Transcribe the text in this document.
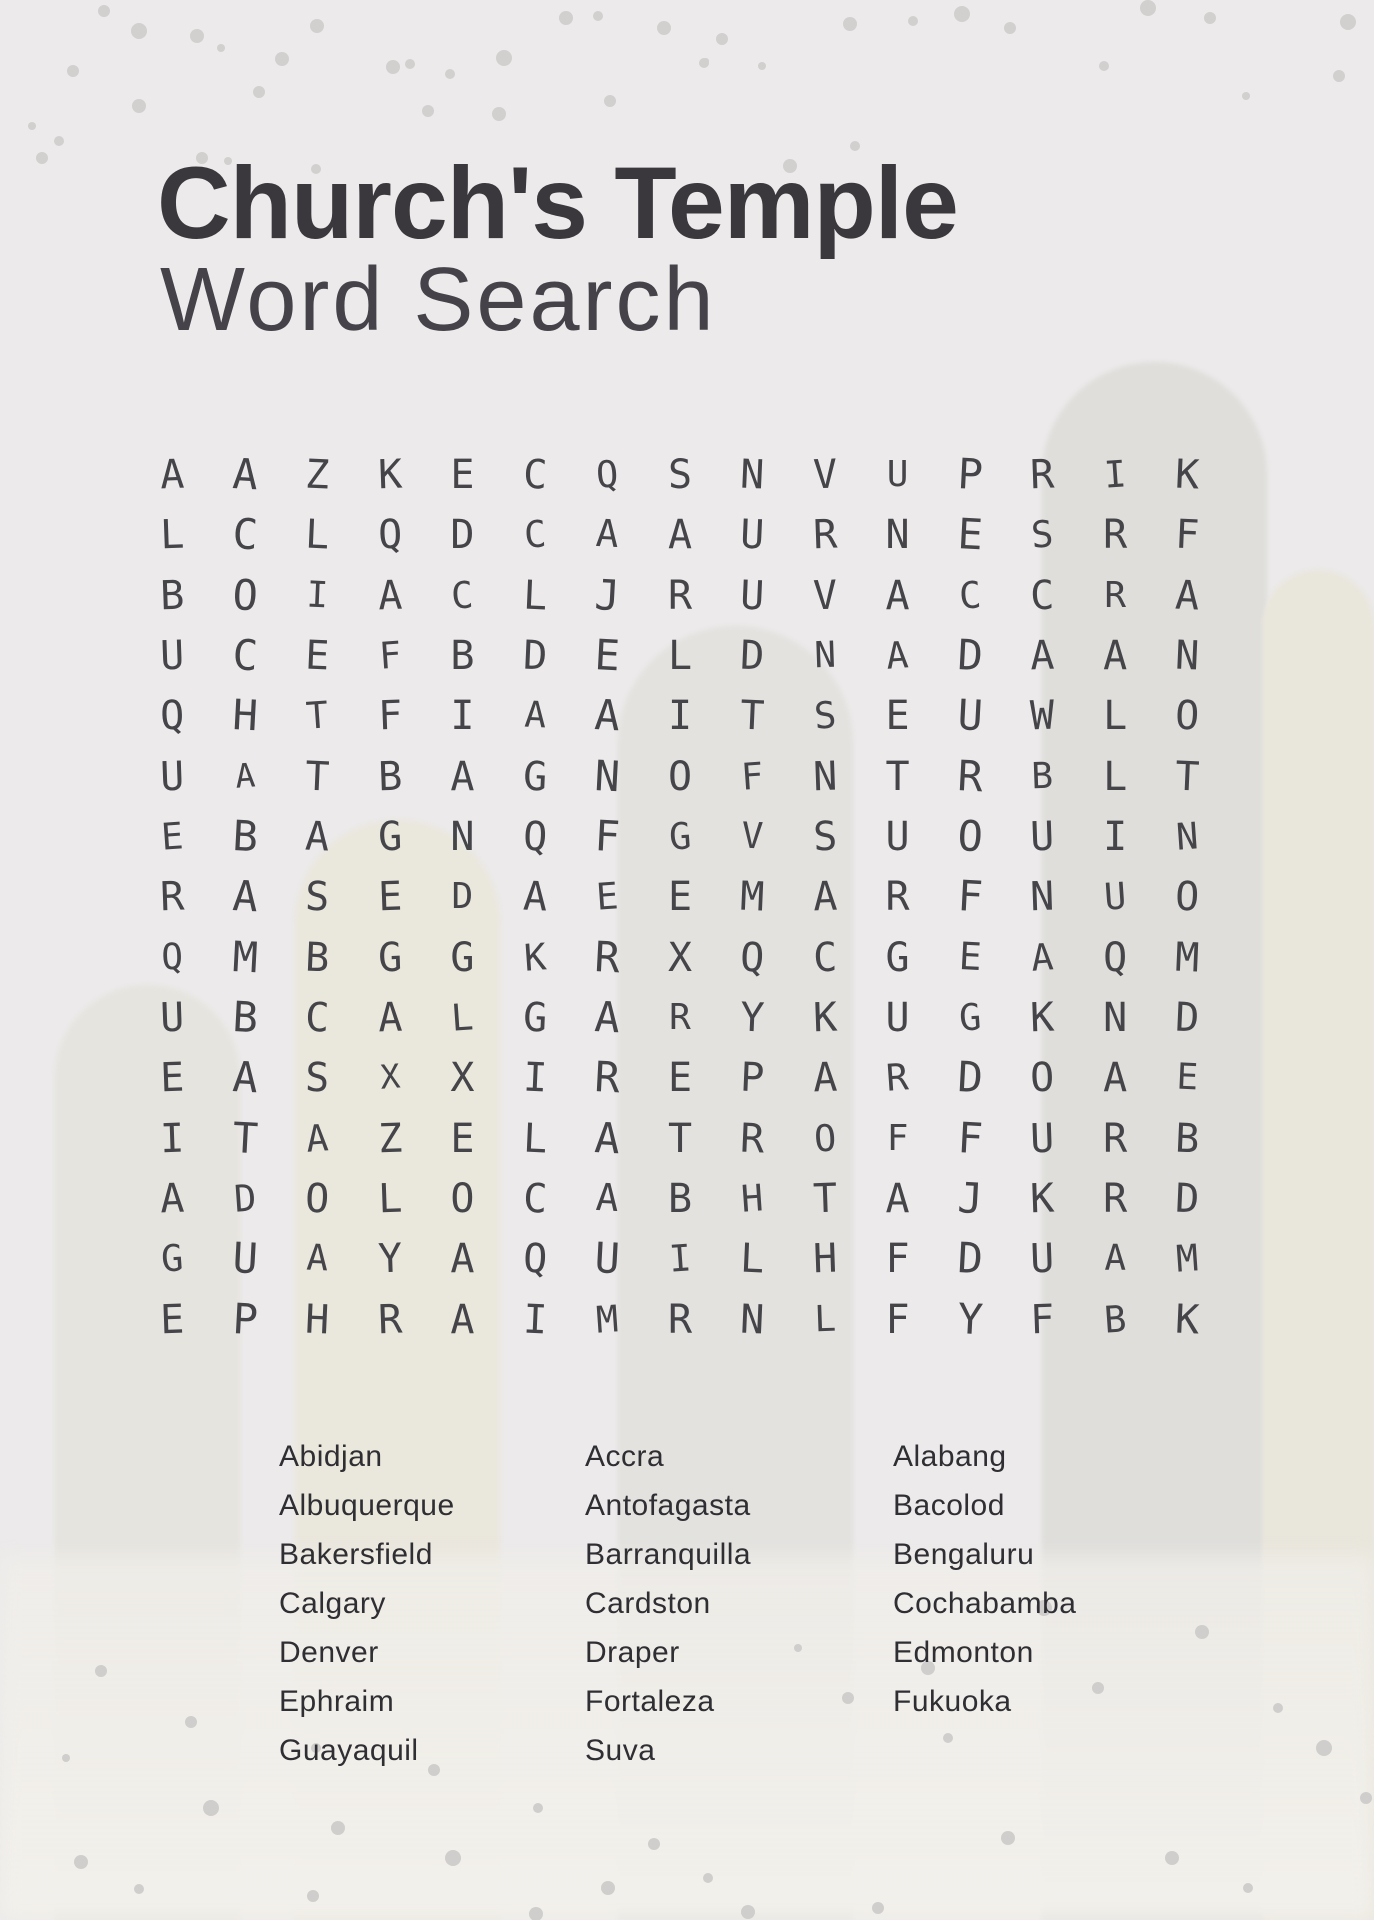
Church's Temple
Word Search
A	A	Z	K	E	C	Q	S	N	V	U	P	R	I	K
L	C	L	Q	D	C	A	A	U	R	N	E	S	R	F
B	O	I	A	C	L	J	R	U	V	A	C	C	R	A
U	C	E	F	B	D	E	L	D	N	A	D	A	A	N
Q	H	T	F	I	A	A	I	T	S	E	U	W	L	O
U	A	T	B	A	G	N	O	F	N	T	R	B	L	T
E	B	A	G	N	Q	F	G	V	S	U	O	U	I	N
R	A	S	E	D	A	E	E	M	A	R	F	N	U	O
Q	M	B	G	G	K	R	X	Q	C	G	E	A	Q	M
U	B	C	A	L	G	A	R	Y	K	U	G	K	N	D
E	A	S	X	X	I	R	E	P	A	R	D	O	A	E
I	T	A	Z	E	L	A	T	R	O	F	F	U	R	B
A	D	O	L	O	C	A	B	H	T	A	J	K	R	D
G	U	A	Y	A	Q	U	I	L	H	F	D	U	A	M
E	P	H	R	A	I	M	R	N	L	F	Y	F	B	K
Abidjan
Albuquerque
Bakersfield
Calgary
Denver
Ephraim
Guayaquil
Accra
Antofagasta
Barranquilla
Cardston
Draper
Fortaleza
Suva
Alabang
Bacolod
Bengaluru
Cochabamba
Edmonton
Fukuoka
